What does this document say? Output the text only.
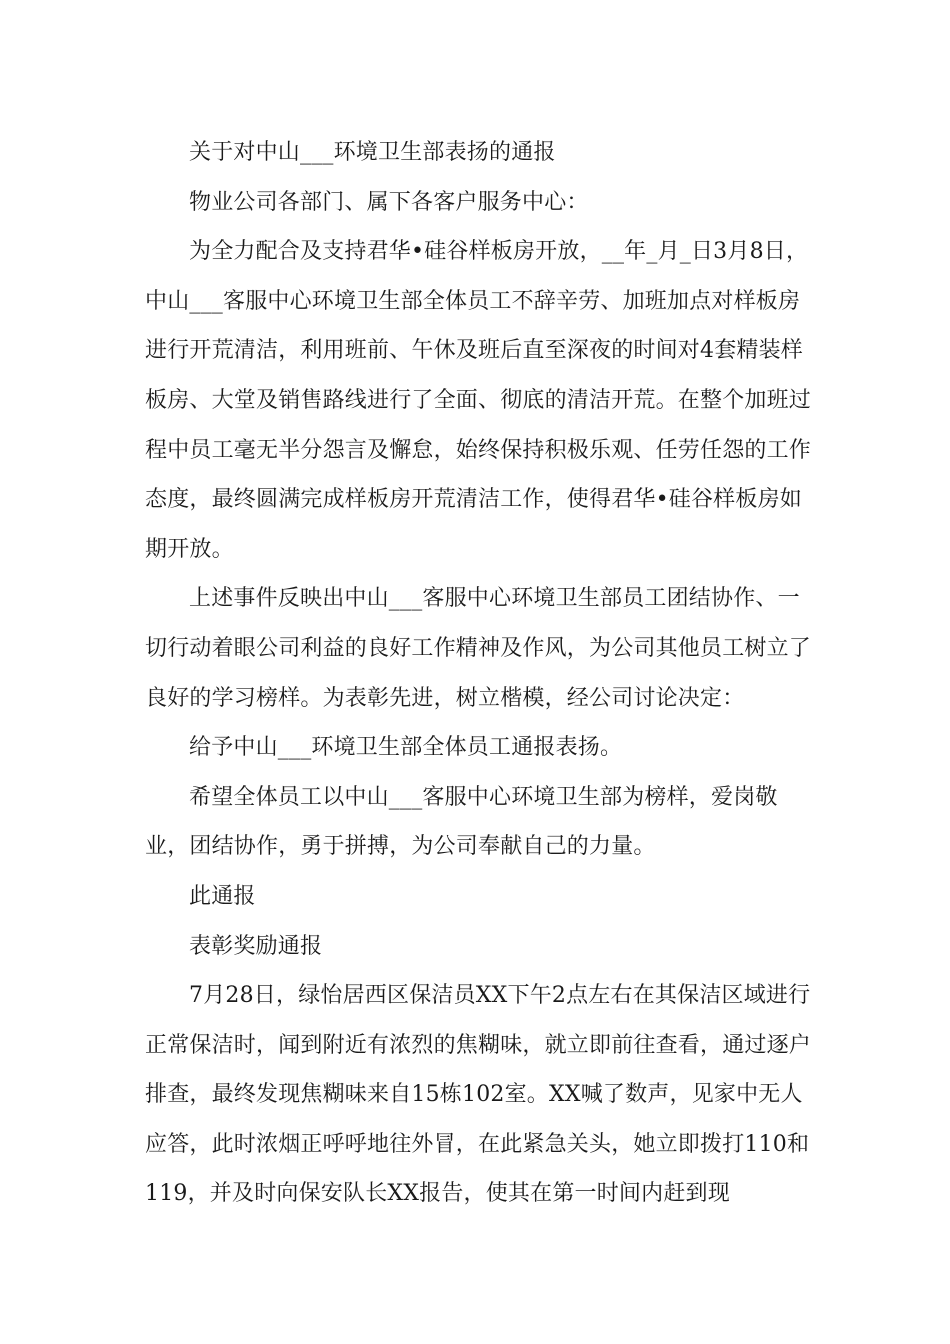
关于对中山___环境卫生部表扬的通报

物业公司各部门、属下各客户服务中心：

为全力配合及支持君华•硅谷样板房开放，__年_月_日3月8日，中山___客服中心环境卫生部全体员工不辞辛劳、加班加点对样板房进行开荒清洁，利用班前、午休及班后直至深夜的时间对4套精装样板房、大堂及销售路线进行了全面、彻底的清洁开荒。在整个加班过程中员工毫无半分怨言及懈怠，始终保持积极乐观、任劳任怨的工作态度，最终圆满完成样板房开荒清洁工作，使得君华•硅谷样板房如期开放。

上述事件反映出中山___客服中心环境卫生部员工团结协作、一切行动着眼公司利益的良好工作精神及作风，为公司其他员工树立了良好的学习榜样。为表彰先进，树立楷模，经公司讨论决定：

给予中山___环境卫生部全体员工通报表扬。

希望全体员工以中山___客服中心环境卫生部为榜样，爱岗敬业，团结协作，勇于拼搏，为公司奉献自己的力量。

此通报

表彰奖励通报

7月28日，绿怡居西区保洁员XX下午2点左右在其保洁区域进行正常保洁时，闻到附近有浓烈的焦糊味，就立即前往查看，通过逐户排查，最终发现焦糊味来自15栋102室。XX喊了数声，见家中无人应答，此时浓烟正呼呼地往外冒，在此紧急关头，她立即拨打110和119，并及时向保安队长XX报告，使其在第一时间内赶到现
